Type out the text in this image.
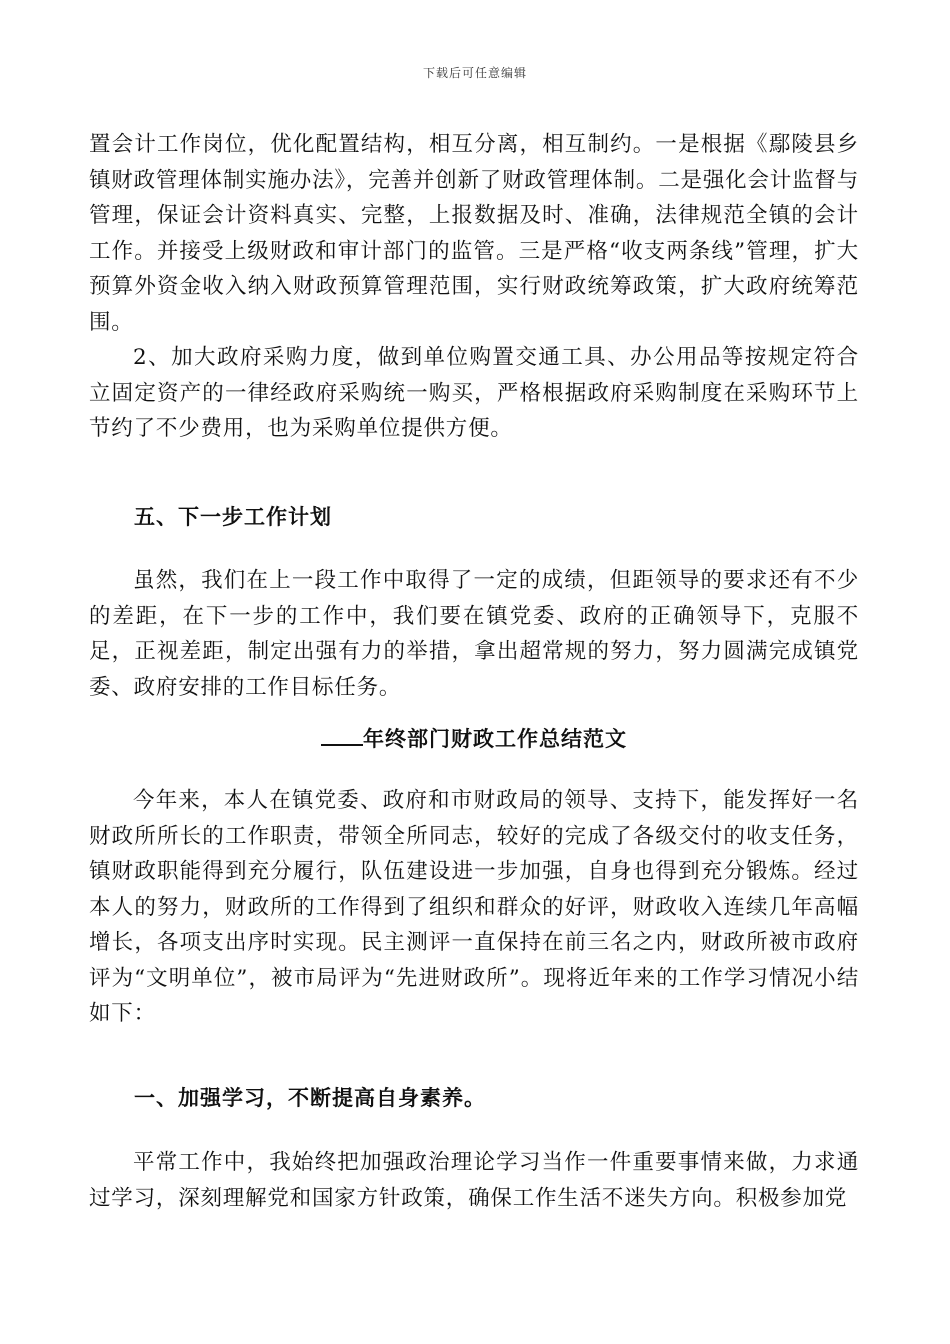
下载后可任意编辑

置会计工作岗位，优化配置结构，相互分离，相互制约。一是根据《鄢陵县乡镇财政管理体制实施办法》，完善并创新了财政管理体制。二是强化会计监督与管理，保证会计资料真实、完整，上报数据及时、准确，法律规范全镇的会计工作。并接受上级财政和审计部门的监管。三是严格“收支两条线”管理，扩大预算外资金收入纳入财政预算管理范围，实行财政统筹政策，扩大政府统筹范围。

2、加大政府采购力度，做到单位购置交通工具、办公用品等按规定符合立固定资产的一律经政府采购统一购买，严格根据政府采购制度在采购环节上节约了不少费用，也为采购单位提供方便。

五、下一步工作计划

虽然，我们在上一段工作中取得了一定的成绩，但距领导的要求还有不少的差距，在下一步的工作中，我们要在镇党委、政府的正确领导下，克服不足，正视差距，制定出强有力的举措，拿出超常规的努力，努力圆满完成镇党委、政府安排的工作目标任务。

年终部门财政工作总结范文

今年来，本人在镇党委、政府和市财政局的领导、支持下，能发挥好一名财政所所长的工作职责，带领全所同志，较好的完成了各级交付的收支任务，镇财政职能得到充分履行，队伍建设进一步加强，自身也得到充分锻炼。经过本人的努力，财政所的工作得到了组织和群众的好评，财政收入连续几年高幅增长，各项支出序时实现。民主测评一直保持在前三名之内，财政所被市政府评为“文明单位”，被市局评为“先进财政所”。现将近年来的工作学习情况小结如下：

一、加强学习，不断提高自身素养。

平常工作中，我始终把加强政治理论学习当作一件重要事情来做，力求通过学习，深刻理解党和国家方针政策，确保工作生活不迷失方向。积极参加党
